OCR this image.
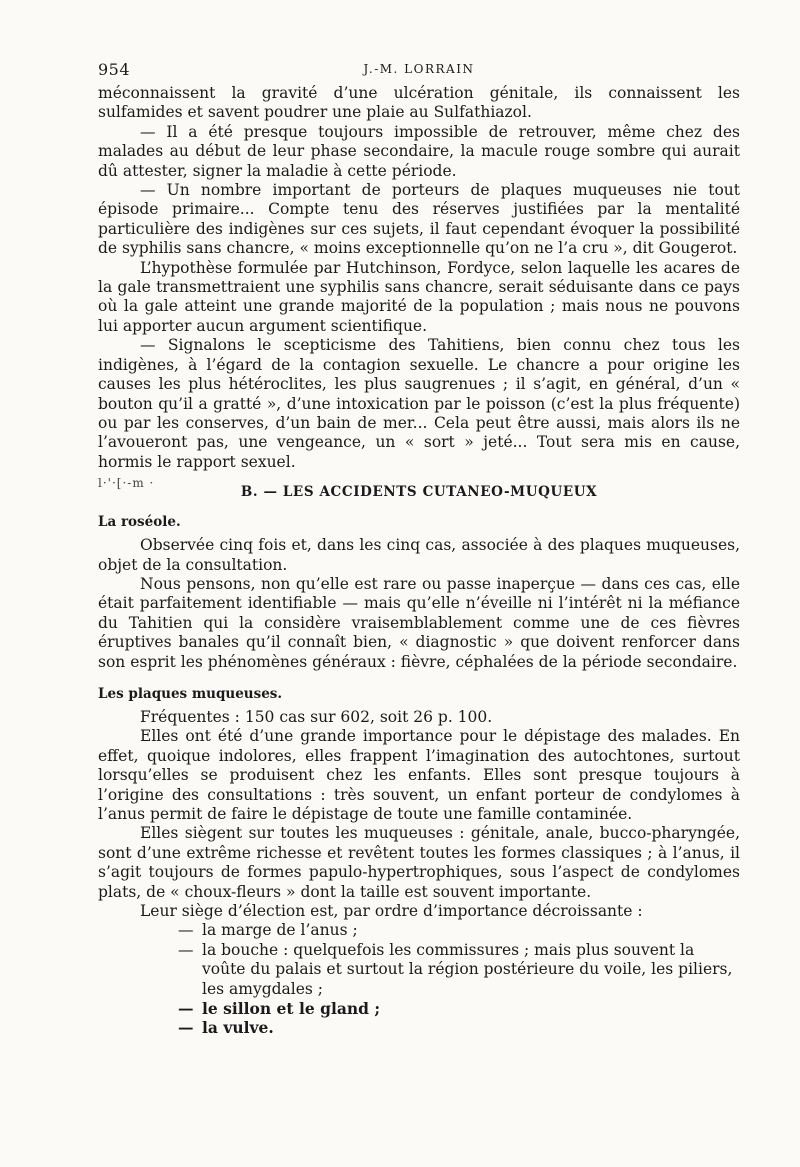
954	J.-M. LORRAIN

méconnaissent la gravité d’une ulcération génitale, ils connaissent les sulfamides et savent poudrer une plaie au Sulfathiazol.

— Il a été presque toujours impossible de retrouver, même chez des malades au début de leur phase secondaire, la macule rouge sombre qui aurait dû attester, signer la maladie à cette période.

— Un nombre important de porteurs de plaques muqueuses nie tout épisode primaire... Compte tenu des réserves justifiées par la mentalité particulière des indigènes sur ces sujets, il faut cependant évoquer la possibilité de syphilis sans chancre, « moins exceptionnelle qu’on ne l’a cru », dit Gougerot.

L’hypothèse formulée par Hutchinson, Fordyce, selon laquelle les acares de la gale transmettraient une syphilis sans chancre, serait séduisante dans ce pays où la gale atteint une grande majorité de la population ; mais nous ne pouvons lui apporter aucun argument scientifique.

— Signalons le scepticisme des Tahitiens, bien connu chez tous les indigènes, à l’égard de la contagion sexuelle. Le chancre a pour origine les causes les plus hétéroclites, les plus saugrenues ; il s’agit, en général, d’un « bouton qu’il a gratté », d’une intoxication par le poisson (c’est la plus fréquente) ou par les conserves, d’un bain de mer... Cela peut être aussi, mais alors ils ne l’avoueront pas, une vengeance, un « sort » jeté... Tout sera mis en cause, hormis le rapport sexuel.

l·'·[·-m ·
B. — LES ACCIDENTS CUTANEO-MUQUEUX
La roséole.

Observée cinq fois et, dans les cinq cas, associée à des plaques muqueuses, objet de la consultation.

Nous pensons, non qu’elle est rare ou passe inaperçue — dans ces cas, elle était parfaitement identifiable — mais qu’elle n’éveille ni l’intérêt ni la méfiance du Tahitien qui la considère vraisemblablement comme une de ces fièvres éruptives banales qu’il connaît bien, « diagnostic » que doivent renforcer dans son esprit les phénomènes généraux : fièvre, céphalées de la période secondaire.

Les plaques muqueuses.

Fréquentes : 150 cas sur 602, soit 26 p. 100.

Elles ont été d’une grande importance pour le dépistage des malades. En effet, quoique indolores, elles frappent l’imagination des autochtones, surtout lorsqu’elles se produisent chez les enfants. Elles sont presque toujours à l’origine des consultations : très souvent, un enfant porteur de condylomes à l’anus permit de faire le dépistage de toute une famille contaminée.

Elles siègent sur toutes les muqueuses : génitale, anale, bucco-pharyngée, sont d’une extrême richesse et revêtent toutes les formes classiques ; à l’anus, il s’agit toujours de formes papulo-hypertrophiques, sous l’aspect de condylomes plats, de « choux-fleurs » dont la taille est souvent importante.

Leur siège d’élection est, par ordre d’importance décroissante :

— la marge de l’anus ;
— la bouche : quelquefois les commissures ; mais plus souvent la voûte du palais et surtout la région postérieure du voile, les piliers, les amygdales ;
— le sillon et le gland ;
— la vulve.
